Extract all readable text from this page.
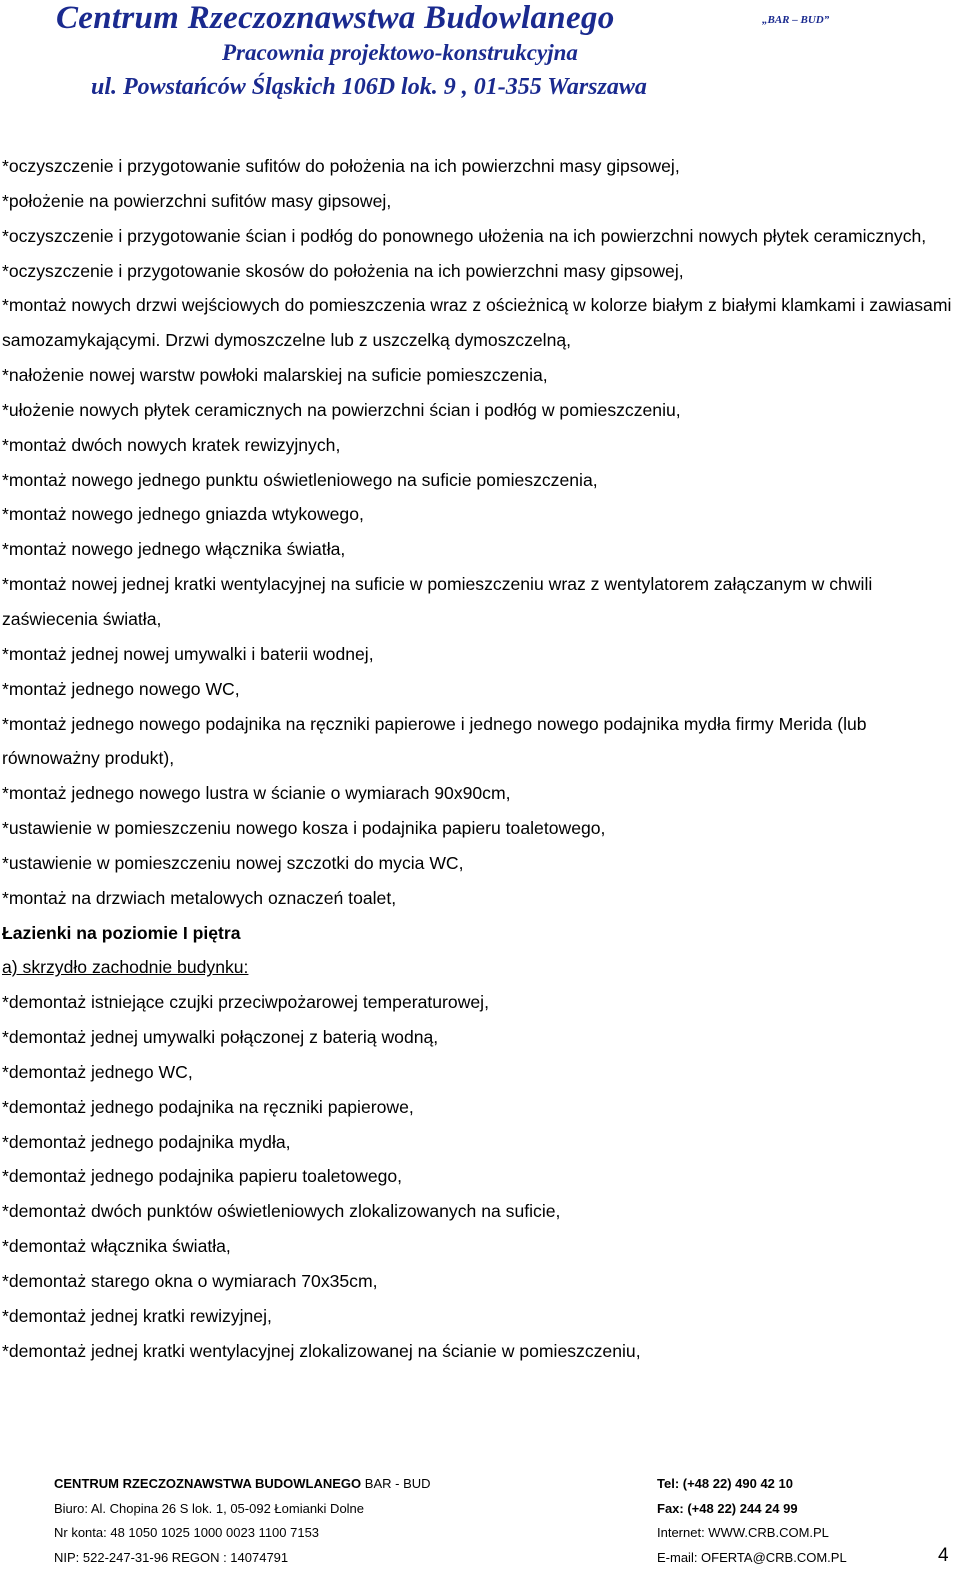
Centrum Rzeczoznawstwa Budowlanego	„BAR – BUD”
Pracownia projektowo-konstrukcyjna
ul. Powstańców Śląskich 106D lok. 9 , 01-355 Warszawa

*oczyszczenie i przygotowanie sufitów do położenia na ich powierzchni masy gipsowej,

*położenie na powierzchni sufitów masy gipsowej,

*oczyszczenie i przygotowanie ścian i podłóg do ponownego ułożenia na ich powierzchni nowych płytek ceramicznych,

*oczyszczenie i przygotowanie skosów do położenia na ich powierzchni masy gipsowej,

*montaż nowych drzwi wejściowych do pomieszczenia wraz z ościeżnicą w kolorze białym z białymi klamkami i zawiasami samozamykającymi. Drzwi dymoszczelne lub z uszczelką dymoszczelną,

*nałożenie nowej warstw powłoki malarskiej na suficie pomieszczenia,

*ułożenie nowych płytek ceramicznych na powierzchni ścian i podłóg w pomieszczeniu,

*montaż dwóch nowych kratek rewizyjnych,

*montaż nowego jednego punktu oświetleniowego na suficie pomieszczenia,

*montaż nowego jednego gniazda wtykowego,

*montaż nowego jednego włącznika światła,

*montaż nowej jednej kratki wentylacyjnej na suficie w pomieszczeniu wraz z wentylatorem załączanym w chwili zaświecenia światła,

*montaż jednej nowej umywalki i baterii wodnej,

*montaż jednego nowego WC,

*montaż jednego nowego podajnika na ręczniki papierowe i jednego nowego podajnika mydła firmy Merida (lub równoważny produkt),

*montaż jednego nowego lustra w ścianie o wymiarach 90x90cm,

*ustawienie w pomieszczeniu nowego kosza i podajnika papieru toaletowego,

*ustawienie w pomieszczeniu nowej szczotki do mycia WC,

*montaż na drzwiach metalowych oznaczeń toalet,

Łazienki na poziomie I piętra

a) skrzydło zachodnie budynku:

*demontaż istniejące czujki przeciwpożarowej temperaturowej,

*demontaż jednej umywalki połączonej z baterią wodną,

*demontaż jednego WC,

*demontaż jednego podajnika na ręczniki papierowe,

*demontaż jednego podajnika mydła,

*demontaż jednego podajnika papieru toaletowego,

*demontaż dwóch punktów oświetleniowych zlokalizowanych na suficie,

*demontaż włącznika światła,

*demontaż starego okna o wymiarach 70x35cm,

*demontaż jednej kratki rewizyjnej,

*demontaż jednej kratki wentylacyjnej zlokalizowanej na ścianie w pomieszczeniu,

CENTRUM RZECZOZNAWSTWA BUDOWLANEGO BAR - BUD
Biuro: Al. Chopina 26 S lok. 1, 05-092 Łomianki Dolne
Nr konta: 48 1050 1025 1000 0023 1100 7153
NIP: 522-247-31-96 REGON : 14074791
Tel: (+48 22) 490 42 10
Fax: (+48 22) 244 24 99
Internet: WWW.CRB.COM.PL
E-mail: OFERTA@CRB.COM.PL	4
